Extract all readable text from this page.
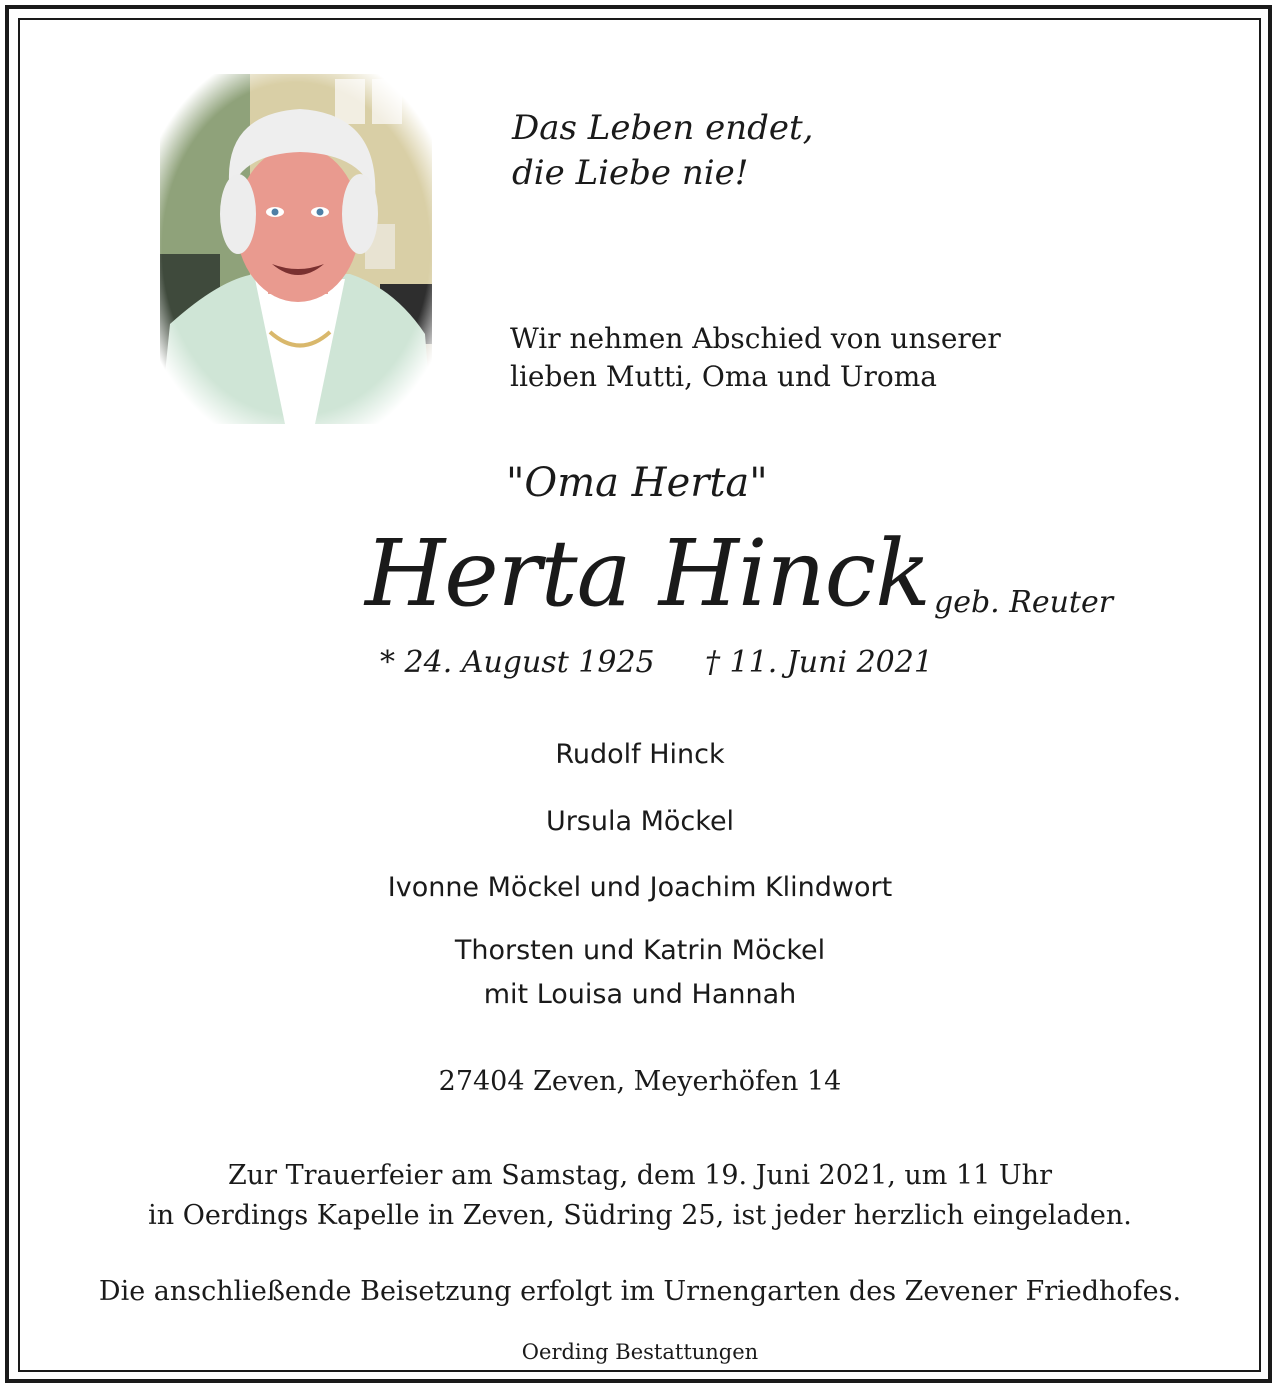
Das Leben endet,
die Liebe nie!
Wir nehmen Abschied von unserer
lieben Mutti, Oma und Uroma
"Oma Herta"
Herta Hinck geb. Reuter
* 24. August 1925 † 11. Juni 2021
Rudolf Hinck
Ursula Möckel
Ivonne Möckel und Joachim Klindwort
Thorsten und Katrin Möckel
mit Louisa und Hannah
27404 Zeven, Meyerhöfen 14
Zur Trauerfeier am Samstag, dem 19. Juni 2021, um 11 Uhr
in Oerdings Kapelle in Zeven, Südring 25, ist jeder herzlich eingeladen.
Die anschließende Beisetzung erfolgt im Urnengarten des Zevener Friedhofes.
Oerding Bestattungen
